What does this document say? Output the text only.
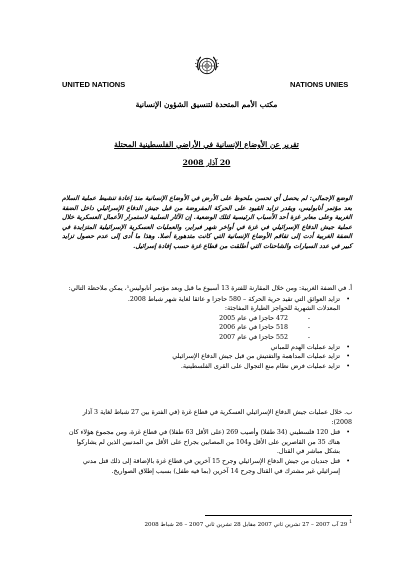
UNITED NATIONS	NATIONS UNIES
مكتب الأمم المتحدة لتنسيق الشؤون الإنسانية
تقرير عن الأوضاع الإنسانية في الأراضي الفلسطينية المحتلة
20 آذار 2008

الوضع الإجمالي: لم يحصل أي تحسن ملحوظ على الأرض في الأوضاع الإنسانية منذ إعادة تنشيط عملية السلام بعد مؤتمر أنابوليس، ويقدر تزايد القيود على الحركة المفروضة من قبل جيش الدفاع الإسرائيلي داخل الضفة الغربية وعلى معابر غزة أحد الأسباب الرئيسية لتلك الوضعية. إن الآثار السلبية لاستمرار الأعمال العسكرية خلال عملية جيش الدفاع الإسرائيلي في غزة في أواخر شهر فبراير، والعمليات العسكرية الإسرائيلية المتزايدة في الضفة الغربية أدت إلى تفاقم الأوضاع الإنسانية التي كانت متدهورة أصلا. وهذا ما أدى إلى عدم حصول تزايد كبير في عدد السيارات والشاحنات التي أطلقت من قطاع غزة حسب إفادة إسرائيل.

أ. في الضفة الغربية: ومن خلال المقارنة للفترة 13 أسبوع ما قبل وبعد مؤتمر أنابوليس¹، يمكن ملاحظة التالي:

• تزايد العوائق التي تقيد حرية الحركة – 580 حاجزا و عائقا لغاية شهر شباط 2008.
المعدلات الشهرية للحواجز الطيارة المفاجئة:
- 472 حاجزا في عام 2005
- 518 حاجزا في عام 2006
- 552 حاجزا في عام 2007
• تزايد عمليات الهدم للمباني
• تزايد عمليات المداهمة والتفتيش من قبل جيش الدفاع الإسرائيلي
• تزايد عمليات فرض نظام منع التجوال على القرى الفلسطينية.

ب. خلال عمليات جيش الدفاع الإسرائيلي العسكرية في قطاع غزة (في الفترة بين 27 شباط لغاية 3 آذار 2008):

• قتل 120 فلسطيني (34 طفلا) وأصيب 269 (على الأقل 63 طفلا) في قطاع غزة، ومن مجموع هؤلاء كان هناك 35 من القاصرين على الأقل و104 من المصابين بجراح على الأقل من المدنيين الذين لم يشاركوا بشكل مباشر في القتال.
• قتل جنديان من جيش الدفاع الإسرائيلي وجرح 15 آخرين في قطاع غزة بالإضافة إلى ذلك قتل مدني إسرائيلي غير مشترك في القتال وجرح 14 آخرين (بما فيه طفل) بسبب إطلاق الصواريخ.
$^1$ 29 آب 2007 – 27 تشرين ثاني 2007 مقابل 28 تشرين ثاني 2007 – 26 شباط 2008
